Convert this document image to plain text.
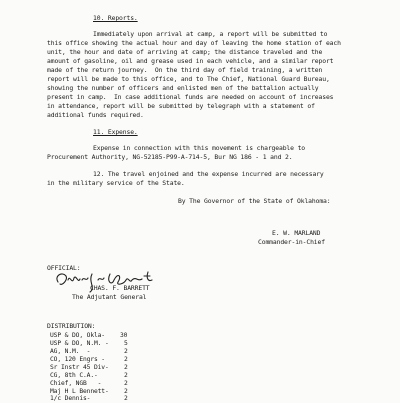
10. Reports.
Immediately upon arrival at camp, a report will be submitted to
this office showing the actual hour and day of leaving the home station of each
unit, the hour and date of arriving at camp; the distance traveled and the
amount of gasoline, oil and grease used in each vehicle, and a similar report
made of the return journey.  On the third day of field training, a written
report will be made to this office, and to The Chief, National Guard Bureau,
showing the number of officers and enlisted men of the battalion actually
present in camp.  In case additional funds are needed on account of increases
in attendance, report will be submitted by telegraph with a statement of
additional funds required.
11. Expense.
Expense in connection with this movement is chargeable to
Procurement Authority, NG-52185-P99-A-714-5, Bur NG 186 - 1 and 2.
12. The travel enjoined and the expense incurred are necessary
in the military service of the State.
By The Governor of the State of Oklahoma:
E. W. MARLAND
Commander-in-Chief
OFFICIAL:
CHAS. F. BARRETT
The Adjutant General
DISTRIBUTION:
USP & DO, Okla- 30
USP & DO, N.M. - 5
AG, N.M.  -	2
CO, 120 Engrs -	2
Sr Instr 45 Div- 2
CG, 8th C.A.-	2
Chief, NGB   -	2
Maj H L Bennett- 2
1/c Dennis-	2
